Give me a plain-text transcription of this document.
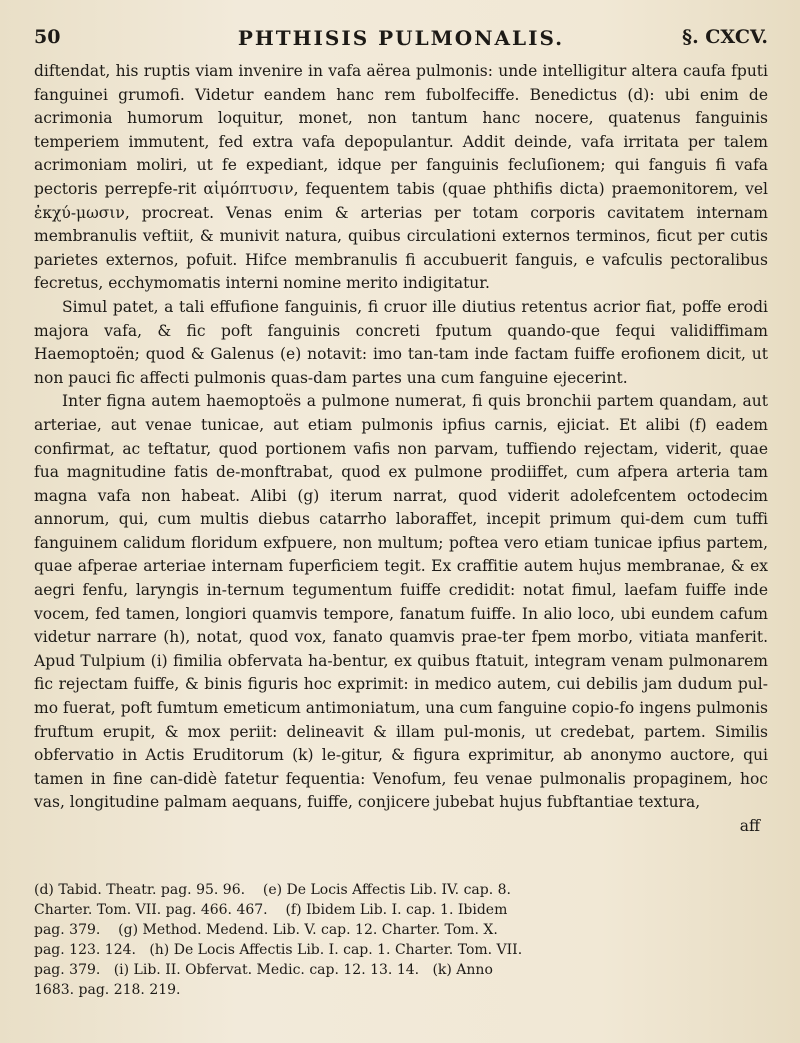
50	PHTHISIS PULMONALIS.	§. CXCV.

diftendat, his ruptis viam invenire in vafa aërea pulmonis: unde intelligitur altera caufa fputi fanguinei grumofi. Videtur eandem hanc rem fubolfeciffe. Benedictus (d): ubi enim de acrimonia humorum loquitur, monet, non tantum hanc nocere, quatenus fanguinis temperiem immutent, fed extra vafa depopulantur. Addit deinde, vafa irritata per talem acrimoniam moliri, ut fe expediant, idque per fanguinis fecluſionem; qui fanguis fi vafa pectoris perrepfe-rit αἱμόπτυσιν, fequentem tabis (quae phthifis dicta) praemonitorem, vel ἐκχύ-μωσιν, procreat. Venas enim & arterias per totam corporis cavitatem internam membranulis veftiit, & munivit natura, quibus circulationi externos terminos, ficut per cutis parietes externos, pofuit. Hifce membranulis fi accubuerit fanguis, e vafculis pectoralibus fecretus, ecchymomatis interni nomine merito indigitatur.

Simul patet, a tali effufione fanguinis, fi cruor ille diutius retentus acrior fiat, poffe erodi majora vafa, & fic poft fanguinis concreti fputum quando-que fequi validiffimam Haemoptoën; quod & Galenus (e) notavit: imo tan-tam inde factam fuiffe erofionem dicit, ut non pauci fic affecti pulmonis quas-dam partes una cum fanguine ejecerint.

Inter figna autem haemoptoës a pulmone numerat, fi quis bronchii partem quandam, aut arteriae, aut venae tunicae, aut etiam pulmonis ipfius carnis, ejiciat. Et alibi (f) eadem confirmat, ac teftatur, quod portionem vafis non parvam, tuffiendo rejectam, viderit, quae fua magnitudine fatis de-monftrabat, quod ex pulmone prodiiffet, cum afpera arteria tam magna vafa non habeat. Alibi (g) iterum narrat, quod viderit adolefcentem octodecim annorum, qui, cum multis diebus catarrho laboraffet, incepit primum qui-dem cum tuffi fanguinem calidum floridum exfpuere, non multum; poftea vero etiam tunicae ipfius partem, quae afperae arteriae internam fuperficiem tegit. Ex craffitie autem hujus membranae, & ex aegri fenfu, laryngis in-ternum tegumentum fuiffe credidit: notat fimul, laefam fuiffe inde vocem, fed tamen, longiori quamvis tempore, fanatum fuiffe. In alio loco, ubi eundem cafum videtur narrare (h), notat, quod vox, fanato quamvis prae-ter fpem morbo, vitiata manferit. Apud Tulpium (i) fimilia obfervata ha-bentur, ex quibus ftatuit, integram venam pulmonarem fic rejectam fuiffe, & binis figuris hoc exprimit: in medico autem, cui debilis jam dudum pul-mo fuerat, poft fumtum emeticum antimoniatum, una cum fanguine copio-fo ingens pulmonis fruftum erupit, & mox periit: delineavit & illam pul-monis, ut credebat, partem. Similis obfervatio in Actis Eruditorum (k) le-gitur, & figura exprimitur, ab anonymo auctore, qui tamen in fine can-didè fatetur fequentia: Venofum, feu venae pulmonalis propaginem, hoc vas, longitudine palmam aequans, fuiffe, conjicere jubebat hujus fubftantiae textura,

aff

(d) Tabid. Theatr. pag. 95. 96. (e) De Locis Affectis Lib. IV. cap. 8.

Charter. Tom. VII. pag. 466. 467. (f) Ibidem Lib. I. cap. 1. Ibidem

pag. 379. (g) Method. Medend. Lib. V. cap. 12. Charter. Tom. X.

pag. 123. 124. (h) De Locis Affectis Lib. I. cap. 1. Charter. Tom. VII.

pag. 379. (i) Lib. II. Obfervat. Medic. cap. 12. 13. 14. (k) Anno

1683. pag. 218. 219.
